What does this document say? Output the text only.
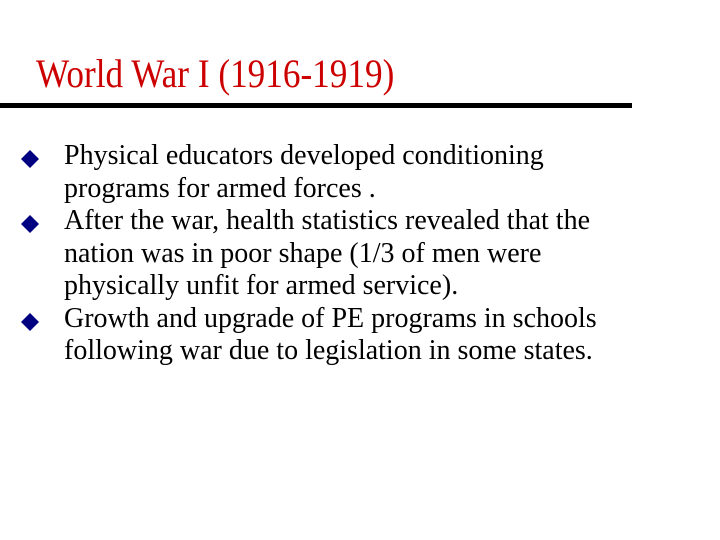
World War I (1916-1919)
Physical educators developed conditioning
programs for armed forces .
After the war, health statistics revealed that the
nation was in poor shape (1/3 of men were
physically unfit for armed service).
Growth and upgrade of PE programs in schools
following war due to legislation in some states.
